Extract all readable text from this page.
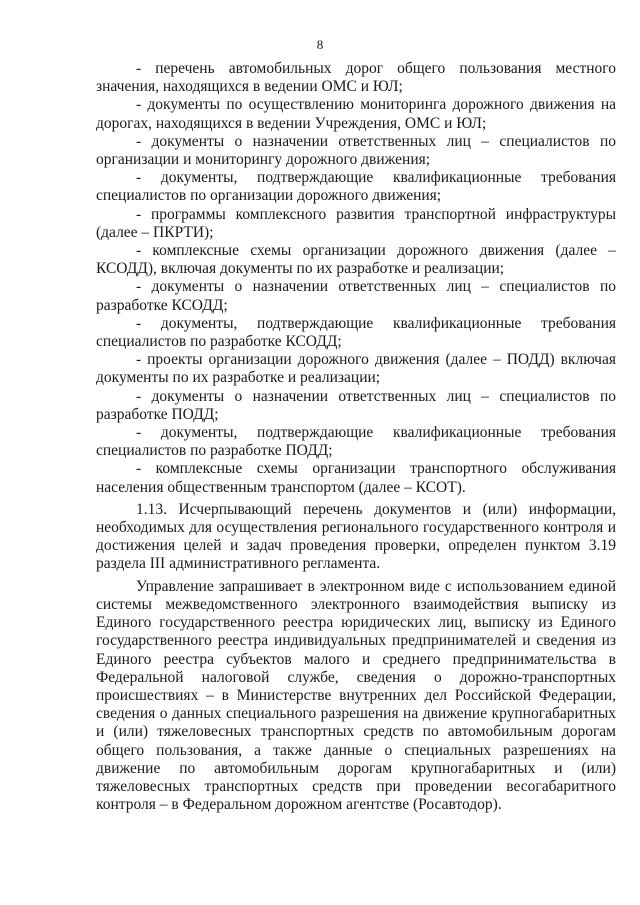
8

- перечень автомобильных дорог общего пользования местного значения, находящихся в ведении ОМС и ЮЛ;

- документы по осуществлению мониторинга дорожного движения на дорогах, находящихся в ведении Учреждения, ОМС и ЮЛ;

- документы о назначении ответственных лиц – специалистов по организации и мониторингу дорожного движения;

- документы, подтверждающие квалификационные требования специалистов по организации дорожного движения;

- программы комплексного развития транспортной инфраструктуры (далее – ПКРТИ);

- комплексные схемы организации дорожного движения (далее – КСОДД), включая документы по их разработке и реализации;

- документы о назначении ответственных лиц – специалистов по разработке КСОДД;

- документы, подтверждающие квалификационные требования специалистов по разработке КСОДД;

- проекты организации дорожного движения (далее – ПОДД) включая документы по их разработке и реализации;

- документы о назначении ответственных лиц – специалистов по разработке ПОДД;

- документы, подтверждающие квалификационные требования специалистов по разработке ПОДД;

- комплексные схемы организации транспортного обслуживания населения общественным транспортом (далее – КСОТ).

1.13. Исчерпывающий перечень документов и (или) информации, необходимых для осуществления регионального государственного контроля и достижения целей и задач проведения проверки, определен пунктом 3.19 раздела III административного регламента.

Управление запрашивает в электронном виде с использованием единой системы межведомственного электронного взаимодействия выписку из Единого государственного реестра юридических лиц, выписку из Единого государственного реестра индивидуальных предпринимателей и сведения из Единого реестра субъектов малого и среднего предпринимательства в Федеральной налоговой службе, сведения о дорожно-транспортных происшествиях – в Министерстве внутренних дел Российской Федерации, сведения о данных специального разрешения на движение крупногабаритных и (или) тяжеловесных транспортных средств по автомобильным дорогам общего пользования, а также данные о специальных разрешениях на движение по автомобильным дорогам крупногабаритных и (или) тяжеловесных транспортных средств при проведении весогабаритного контроля – в Федеральном дорожном агентстве (Росавтодор).
